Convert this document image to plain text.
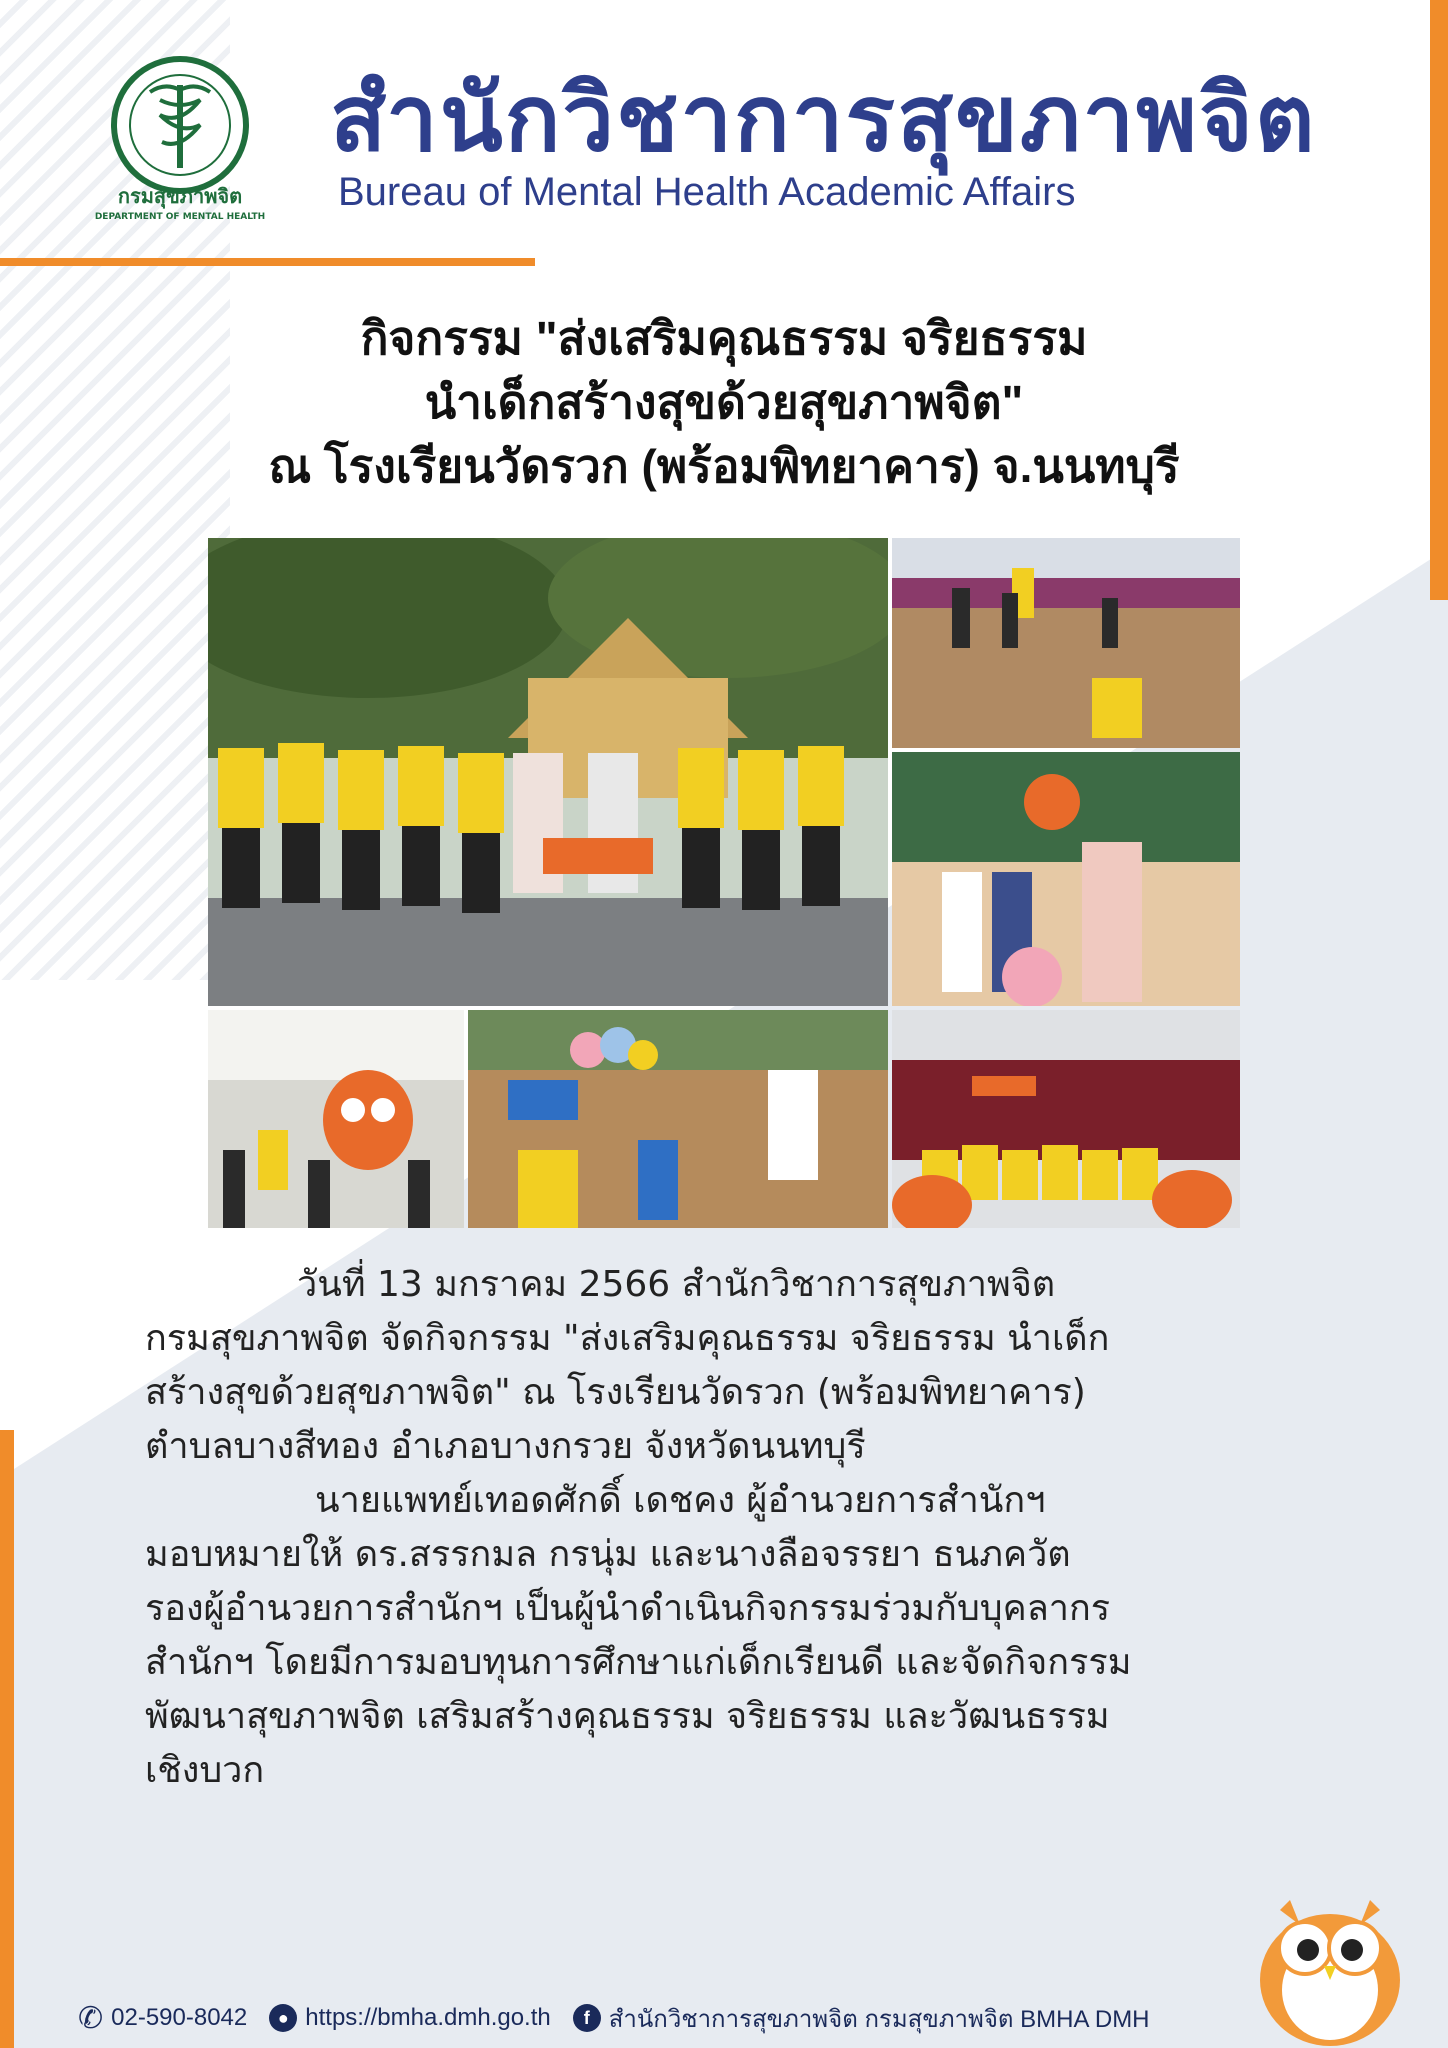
กรมสุขภาพจิต
DEPARTMENT OF MENTAL HEALTH
สำนักวิชาการสุขภาพจิต
Bureau of Mental Health Academic Affairs
กิจกรรม "ส่งเสริมคุณธรรม จริยธรรม
นำเด็กสร้างสุขด้วยสุขภาพจิต"
ณ โรงเรียนวัดรวก (พร้อมพิทยาคาร) จ.นนทบุรี

วันที่ 13 มกราคม 2566 สำนักวิชาการสุขภาพจิต

กรมสุขภาพจิต จัดกิจกรรม "ส่งเสริมคุณธรรม จริยธรรม นำเด็ก

สร้างสุขด้วยสุขภาพจิต" ณ โรงเรียนวัดรวก (พร้อมพิทยาคาร)

ตำบลบางสีทอง อำเภอบางกรวย จังหวัดนนทบุรี

นายแพทย์เทอดศักดิ์ เดชคง ผู้อำนวยการสำนักฯ

มอบหมายให้ ดร.สรรกมล กรนุ่ม และนางลือจรรยา ธนภควัต

รองผู้อำนวยการสำนักฯ เป็นผู้นำดำเนินกิจกรรมร่วมกับบุคลากร

สำนักฯ โดยมีการมอบทุนการศึกษาแก่เด็กเรียนดี และจัดกิจกรรม

พัฒนาสุขภาพจิต เสริมสร้างคุณธรรม จริยธรรม และวัฒนธรรม

เชิงบวก

✆ 02-590-8042	● https://bmha.dmh.go.th	f สำนักวิชาการสุขภาพจิต กรมสุขภาพจิต BMHA DMH
